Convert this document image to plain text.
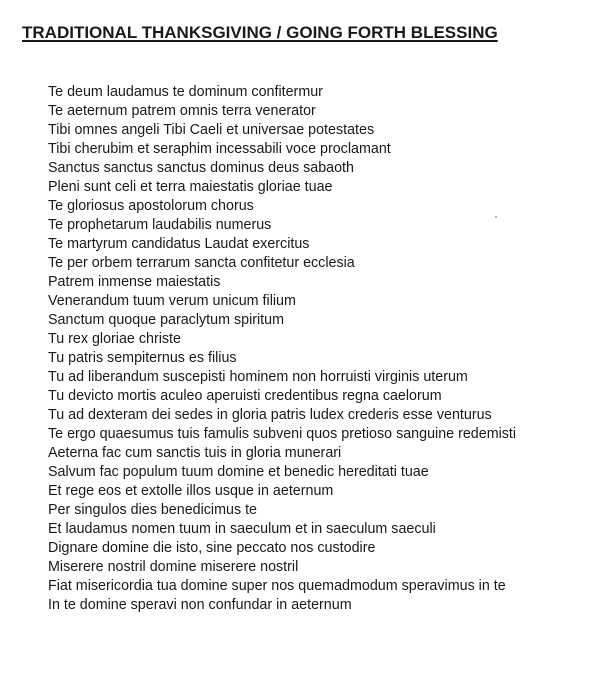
TRADITIONAL THANKSGIVING / GOING FORTH BLESSING
Te deum laudamus te dominum confitermur
Te aeternum patrem omnis terra venerator
Tibi omnes angeli Tibi Caeli et universae potestates
Tibi cherubim et seraphim incessabili voce proclamant
Sanctus sanctus sanctus dominus deus sabaoth
Pleni sunt celi et terra maiestatis gloriae tuae
Te gloriosus apostolorum chorus
Te prophetarum laudabilis numerus
Te martyrum candidatus Laudat exercitus
Te per orbem terrarum sancta confitetur ecclesia
Patrem inmense maiestatis
Venerandum tuum verum unicum filium
Sanctum quoque paraclytum spiritum
Tu rex gloriae christe
Tu patris sempiternus es filius
Tu ad liberandum suscepisti hominem non horruisti virginis uterum
Tu devicto mortis aculeo aperuisti credentibus regna caelorum
Tu ad dexteram dei sedes in gloria patris ludex crederis esse venturus
Te ergo quaesumus tuis famulis subveni quos pretioso sanguine redemisti
Aeterna fac cum sanctis tuis in gloria munerari
Salvum fac populum tuum domine et benedic hereditati tuae
Et rege eos et extolle illos usque in aeternum
Per singulos dies benedicimus te
Et laudamus nomen tuum in saeculum et in saeculum saeculi
Dignare domine die isto, sine peccato nos custodire
Miserere nostril domine miserere nostril
Fiat misericordia tua domine super nos quemadmodum speravimus in te
In te domine speravi non confundar in aeternum
